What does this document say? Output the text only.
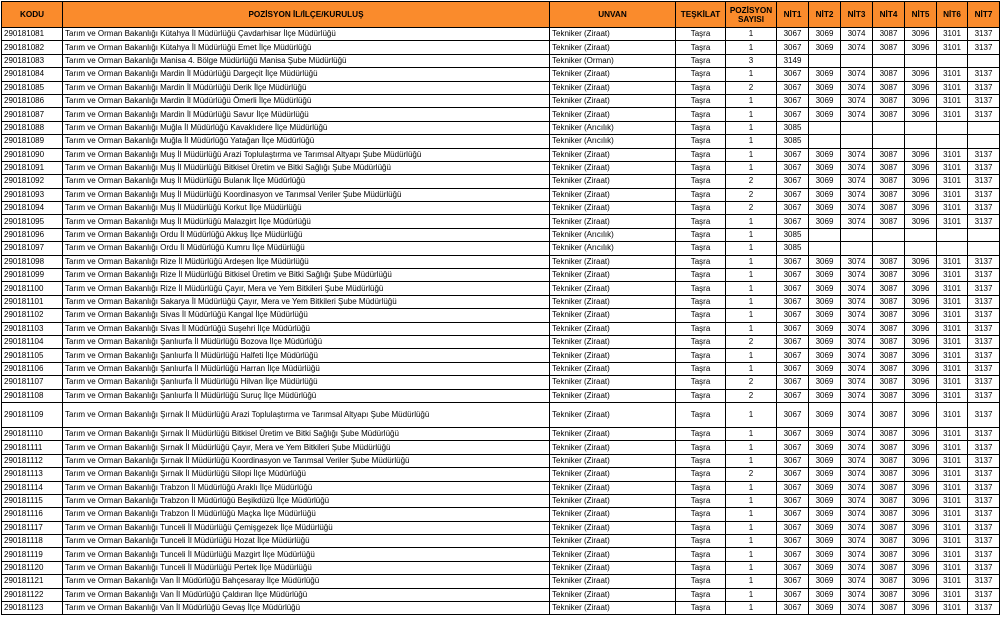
KODU	POZİSYON İL/İLÇE/KURULUŞ	UNVAN	TEŞKİLAT	POZİSYON SAYISI	NİT1	NİT2	NİT3	NİT4	NİT5	NİT6	NİT7
290181081	Tarım ve Orman Bakanlığı Kütahya İl Müdürlüğü Çavdarhisar İlçe Müdürlüğü	Tekniker (Ziraat)	Taşra	1	3067	3069	3074	3087	3096	3101	3137
290181082	Tarım ve Orman Bakanlığı Kütahya İl Müdürlüğü Emet İlçe Müdürlüğü	Tekniker (Ziraat)	Taşra	1	3067	3069	3074	3087	3096	3101	3137
290181083	Tarım ve Orman Bakanlığı Manisa 4. Bölge Müdürlüğü Manisa Şube Müdürlüğü	Tekniker (Orman)	Taşra	3	3149						
290181084	Tarım ve Orman Bakanlığı Mardin İl Müdürlüğü Dargeçit İlçe Müdürlüğü	Tekniker (Ziraat)	Taşra	1	3067	3069	3074	3087	3096	3101	3137
290181085	Tarım ve Orman Bakanlığı Mardin İl Müdürlüğü Derik İlçe Müdürlüğü	Tekniker (Ziraat)	Taşra	2	3067	3069	3074	3087	3096	3101	3137
290181086	Tarım ve Orman Bakanlığı Mardin İl Müdürlüğü Ömerli İlçe Müdürlüğü	Tekniker (Ziraat)	Taşra	1	3067	3069	3074	3087	3096	3101	3137
290181087	Tarım ve Orman Bakanlığı Mardin İl Müdürlüğü Savur İlçe Müdürlüğü	Tekniker (Ziraat)	Taşra	1	3067	3069	3074	3087	3096	3101	3137
290181088	Tarım ve Orman Bakanlığı Muğla İl Müdürlüğü Kavaklıdere İlçe Müdürlüğü	Tekniker (Arıcılık)	Taşra	1	3085						
290181089	Tarım ve Orman Bakanlığı Muğla İl Müdürlüğü Yatağan İlçe Müdürlüğü	Tekniker (Arıcılık)	Taşra	1	3085						
290181090	Tarım ve Orman Bakanlığı Muş İl Müdürlüğü Arazi Toplulaştırma ve Tarımsal Altyapı Şube Müdürlüğü	Tekniker (Ziraat)	Taşra	1	3067	3069	3074	3087	3096	3101	3137
290181091	Tarım ve Orman Bakanlığı Muş İl Müdürlüğü Bitkisel Üretim ve Bitki Sağlığı Şube Müdürlüğü	Tekniker (Ziraat)	Taşra	1	3067	3069	3074	3087	3096	3101	3137
290181092	Tarım ve Orman Bakanlığı Muş İl Müdürlüğü Bulanık İlçe Müdürlüğü	Tekniker (Ziraat)	Taşra	2	3067	3069	3074	3087	3096	3101	3137
290181093	Tarım ve Orman Bakanlığı Muş İl Müdürlüğü Koordinasyon ve Tarımsal Veriler Şube Müdürlüğü	Tekniker (Ziraat)	Taşra	2	3067	3069	3074	3087	3096	3101	3137
290181094	Tarım ve Orman Bakanlığı Muş İl Müdürlüğü Korkut İlçe Müdürlüğü	Tekniker (Ziraat)	Taşra	2	3067	3069	3074	3087	3096	3101	3137
290181095	Tarım ve Orman Bakanlığı Muş İl Müdürlüğü Malazgirt İlçe Müdürlüğü	Tekniker (Ziraat)	Taşra	1	3067	3069	3074	3087	3096	3101	3137
290181096	Tarım ve Orman Bakanlığı Ordu İl Müdürlüğü Akkuş İlçe Müdürlüğü	Tekniker (Arıcılık)	Taşra	1	3085						
290181097	Tarım ve Orman Bakanlığı Ordu İl Müdürlüğü Kumru İlçe Müdürlüğü	Tekniker (Arıcılık)	Taşra	1	3085						
290181098	Tarım ve Orman Bakanlığı Rize İl Müdürlüğü Ardeşen İlçe Müdürlüğü	Tekniker (Ziraat)	Taşra	1	3067	3069	3074	3087	3096	3101	3137
290181099	Tarım ve Orman Bakanlığı Rize İl Müdürlüğü Bitkisel Üretim ve Bitki Sağlığı Şube Müdürlüğü	Tekniker (Ziraat)	Taşra	1	3067	3069	3074	3087	3096	3101	3137
290181100	Tarım ve Orman Bakanlığı Rize İl Müdürlüğü Çayır, Mera ve Yem Bitkileri Şube Müdürlüğü	Tekniker (Ziraat)	Taşra	1	3067	3069	3074	3087	3096	3101	3137
290181101	Tarım ve Orman Bakanlığı Sakarya İl Müdürlüğü Çayır, Mera ve Yem Bitkileri Şube Müdürlüğü	Tekniker (Ziraat)	Taşra	1	3067	3069	3074	3087	3096	3101	3137
290181102	Tarım ve Orman Bakanlığı Sivas İl Müdürlüğü Kangal İlçe Müdürlüğü	Tekniker (Ziraat)	Taşra	1	3067	3069	3074	3087	3096	3101	3137
290181103	Tarım ve Orman Bakanlığı Sivas İl Müdürlüğü Suşehri İlçe Müdürlüğü	Tekniker (Ziraat)	Taşra	1	3067	3069	3074	3087	3096	3101	3137
290181104	Tarım ve Orman Bakanlığı Şanlıurfa İl Müdürlüğü Bozova İlçe Müdürlüğü	Tekniker (Ziraat)	Taşra	2	3067	3069	3074	3087	3096	3101	3137
290181105	Tarım ve Orman Bakanlığı Şanlıurfa İl Müdürlüğü Halfeti İlçe Müdürlüğü	Tekniker (Ziraat)	Taşra	1	3067	3069	3074	3087	3096	3101	3137
290181106	Tarım ve Orman Bakanlığı Şanlıurfa İl Müdürlüğü Harran İlçe Müdürlüğü	Tekniker (Ziraat)	Taşra	1	3067	3069	3074	3087	3096	3101	3137
290181107	Tarım ve Orman Bakanlığı Şanlıurfa İl Müdürlüğü Hilvan İlçe Müdürlüğü	Tekniker (Ziraat)	Taşra	2	3067	3069	3074	3087	3096	3101	3137
290181108	Tarım ve Orman Bakanlığı Şanlıurfa İl Müdürlüğü Suruç İlçe Müdürlüğü	Tekniker (Ziraat)	Taşra	2	3067	3069	3074	3087	3096	3101	3137
290181109	Tarım ve Orman Bakanlığı Şırnak İl Müdürlüğü Arazi Toplulaştırma ve Tarımsal Altyapı Şube Müdürlüğü	Tekniker (Ziraat)	Taşra	1	3067	3069	3074	3087	3096	3101	3137
290181110	Tarım ve Orman Bakanlığı Şırnak İl Müdürlüğü Bitkisel Üretim ve Bitki Sağlığı Şube Müdürlüğü	Tekniker (Ziraat)	Taşra	1	3067	3069	3074	3087	3096	3101	3137
290181111	Tarım ve Orman Bakanlığı Şırnak İl Müdürlüğü Çayır, Mera ve Yem Bitkileri Şube Müdürlüğü	Tekniker (Ziraat)	Taşra	1	3067	3069	3074	3087	3096	3101	3137
290181112	Tarım ve Orman Bakanlığı Şırnak İl Müdürlüğü Koordinasyon ve Tarımsal Veriler Şube Müdürlüğü	Tekniker (Ziraat)	Taşra	1	3067	3069	3074	3087	3096	3101	3137
290181113	Tarım ve Orman Bakanlığı Şırnak İl Müdürlüğü Silopi İlçe Müdürlüğü	Tekniker (Ziraat)	Taşra	2	3067	3069	3074	3087	3096	3101	3137
290181114	Tarım ve Orman Bakanlığı Trabzon İl Müdürlüğü Araklı İlçe Müdürlüğü	Tekniker (Ziraat)	Taşra	1	3067	3069	3074	3087	3096	3101	3137
290181115	Tarım ve Orman Bakanlığı Trabzon İl Müdürlüğü Beşikdüzü İlçe Müdürlüğü	Tekniker (Ziraat)	Taşra	1	3067	3069	3074	3087	3096	3101	3137
290181116	Tarım ve Orman Bakanlığı Trabzon İl Müdürlüğü Maçka İlçe Müdürlüğü	Tekniker (Ziraat)	Taşra	1	3067	3069	3074	3087	3096	3101	3137
290181117	Tarım ve Orman Bakanlığı Tunceli İl Müdürlüğü Çemişgezek İlçe Müdürlüğü	Tekniker (Ziraat)	Taşra	1	3067	3069	3074	3087	3096	3101	3137
290181118	Tarım ve Orman Bakanlığı Tunceli İl Müdürlüğü Hozat İlçe Müdürlüğü	Tekniker (Ziraat)	Taşra	1	3067	3069	3074	3087	3096	3101	3137
290181119	Tarım ve Orman Bakanlığı Tunceli İl Müdürlüğü Mazgirt İlçe Müdürlüğü	Tekniker (Ziraat)	Taşra	1	3067	3069	3074	3087	3096	3101	3137
290181120	Tarım ve Orman Bakanlığı Tunceli İl Müdürlüğü Pertek İlçe Müdürlüğü	Tekniker (Ziraat)	Taşra	1	3067	3069	3074	3087	3096	3101	3137
290181121	Tarım ve Orman Bakanlığı Van İl Müdürlüğü Bahçesaray İlçe Müdürlüğü	Tekniker (Ziraat)	Taşra	1	3067	3069	3074	3087	3096	3101	3137
290181122	Tarım ve Orman Bakanlığı Van İl Müdürlüğü Çaldıran İlçe Müdürlüğü	Tekniker (Ziraat)	Taşra	1	3067	3069	3074	3087	3096	3101	3137
290181123	Tarım ve Orman Bakanlığı Van İl Müdürlüğü Gevaş İlçe Müdürlüğü	Tekniker (Ziraat)	Taşra	1	3067	3069	3074	3087	3096	3101	3137
